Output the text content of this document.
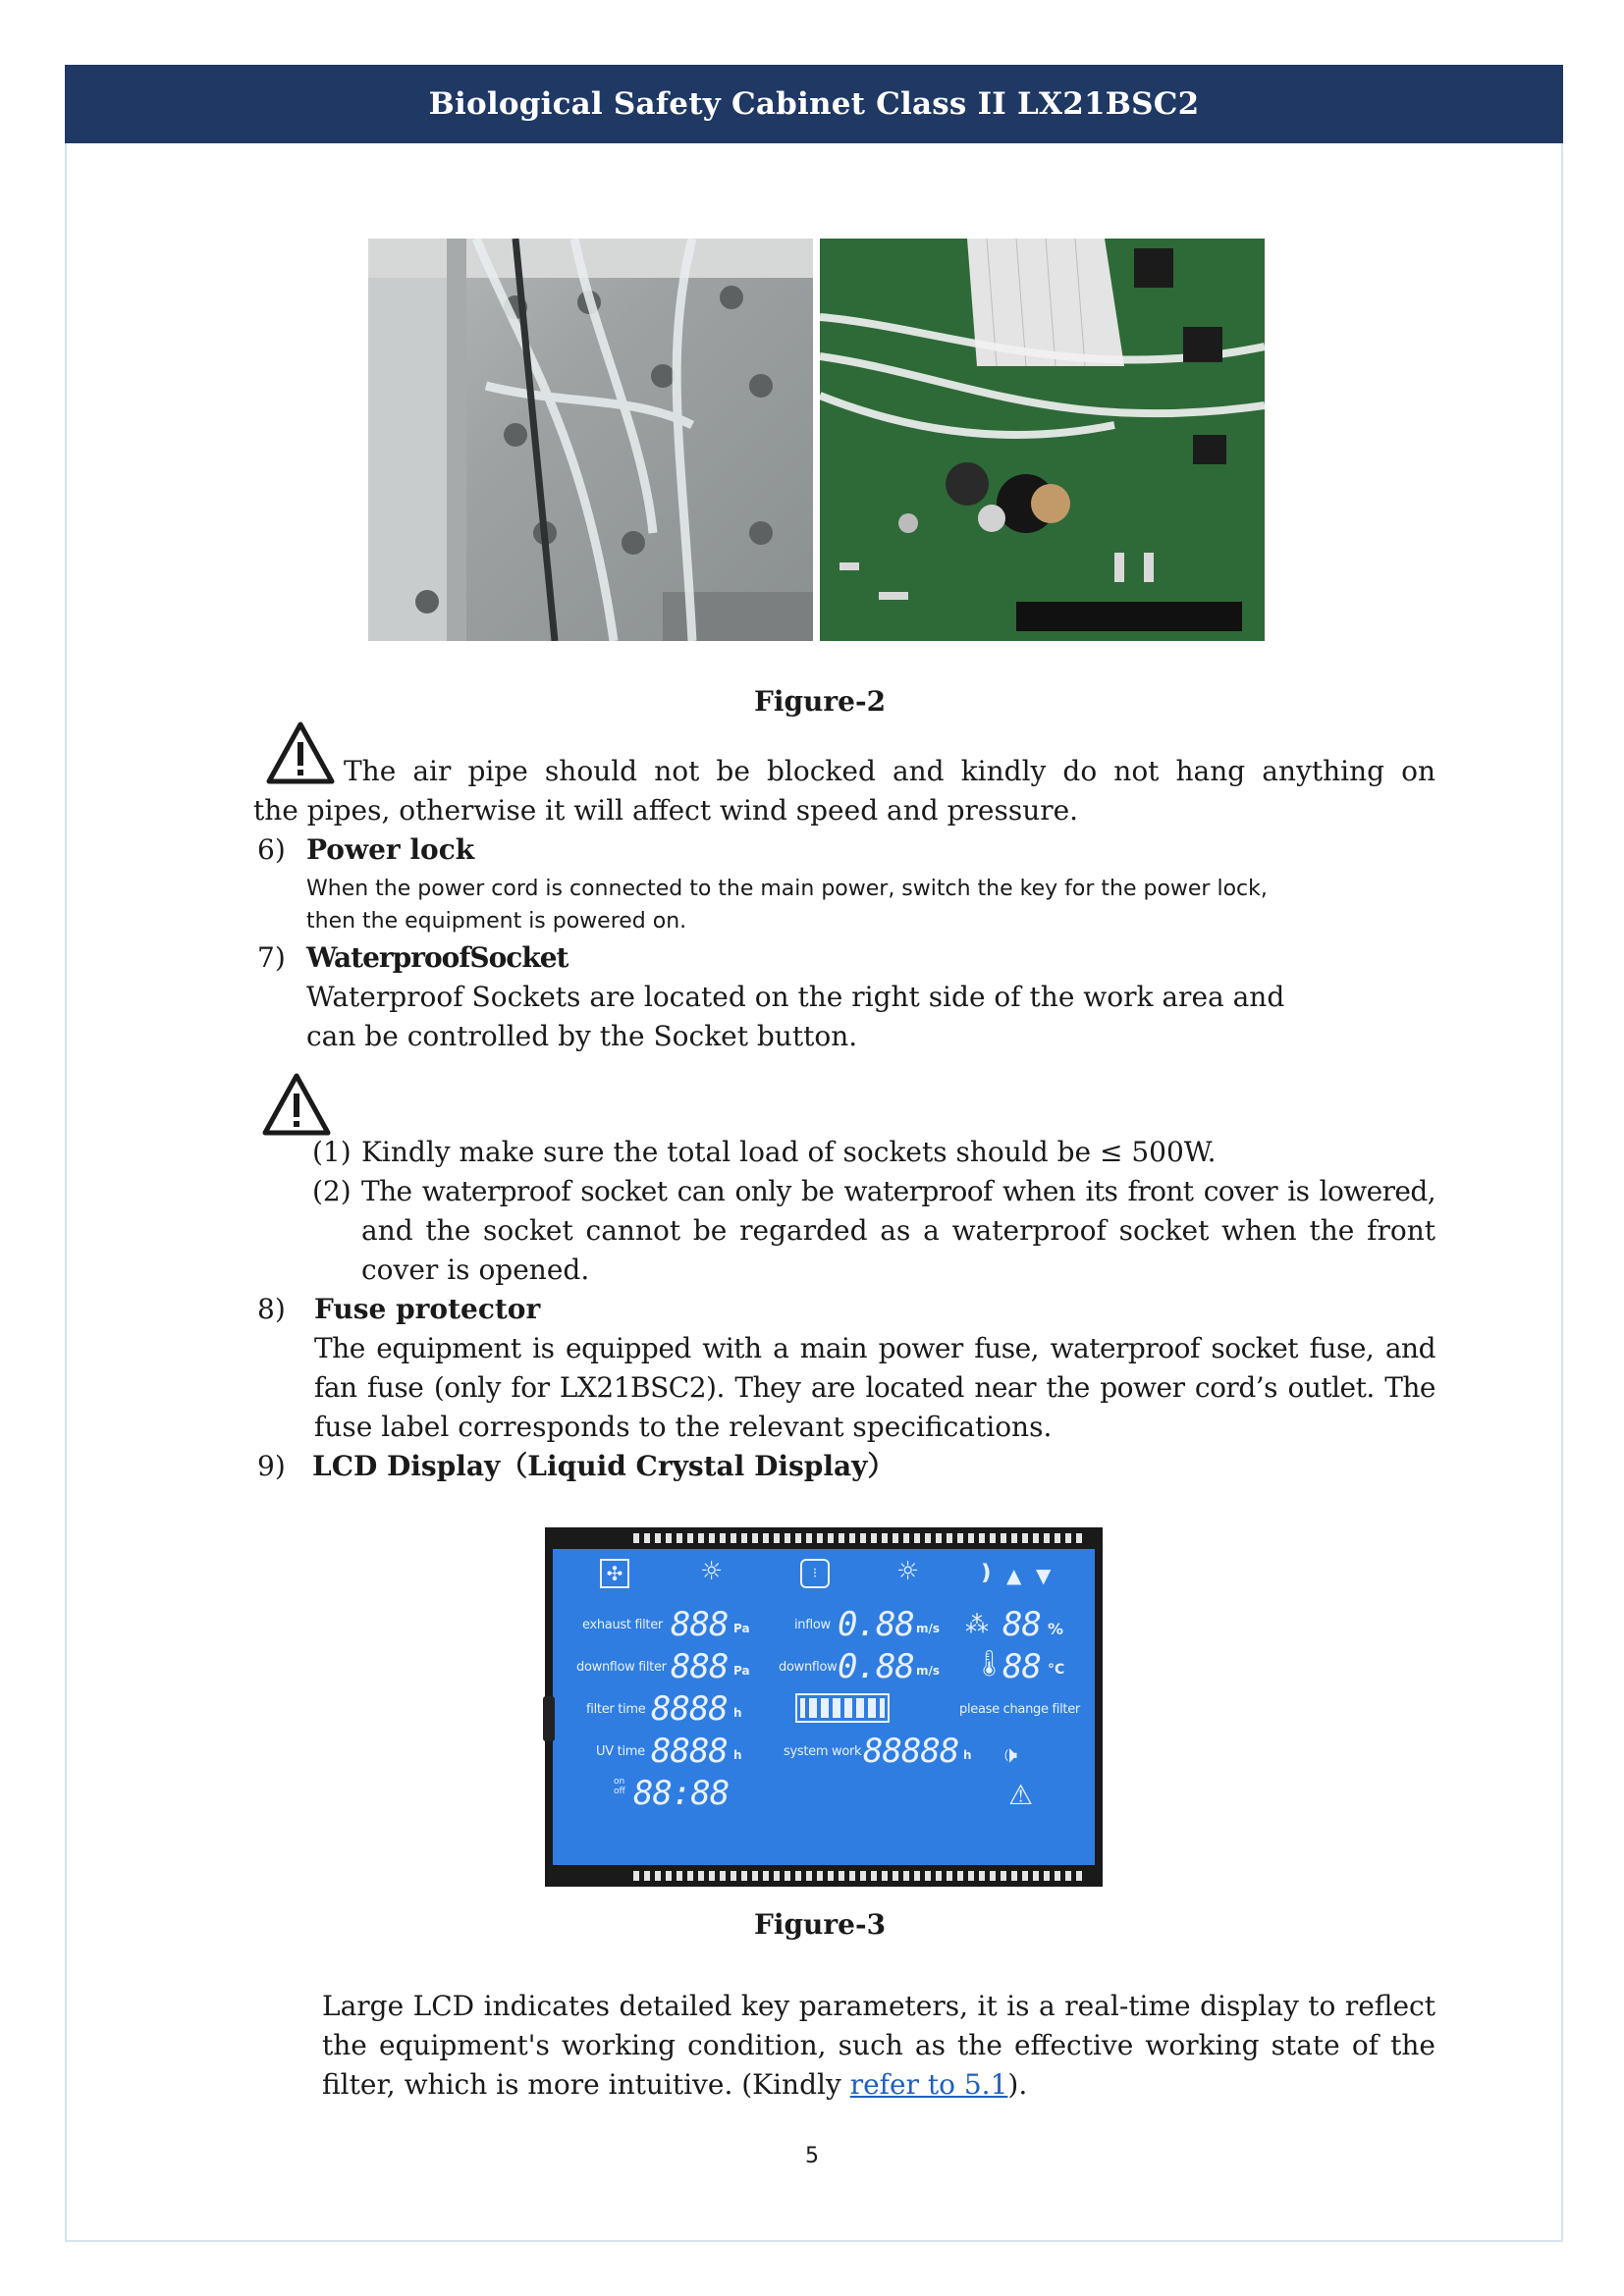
Biological Safety Cabinet Class II LX21BSC2
Figure-2
The air pipe should not be blocked and kindly do not hang anything on
the pipes, otherwise it will affect wind speed and pressure.
6) Power lock
When the power cord is connected to the main power, switch the key for the power lock,
then the equipment is powered on.
7) WaterproofSocket
Waterproof Sockets are located on the right side of the work area and
can be controlled by the Socket button.
(1) Kindly make sure the total load of sockets should be ≤ 500W.
(2) The waterproof socket can only be waterproof when its front cover is lowered,
and the socket cannot be regarded as a waterproof socket when the front
cover is opened.
8) Fuse protector
The equipment is equipped with a main power fuse, waterproof socket fuse, and
fan fuse (only for LX21BSC2). They are located near the power cord’s outlet. The
fuse label corresponds to the relevant specifications.
9) LCD Display（Liquid Crystal Display）
✣	☼	⁝	☼	❫ ▲ ▼
exhaust filter 888 Pa
downflow filter 888 Pa
filter time 8888 h
UV time 8888 h
on
off 88:88
inflow 0.88 m/s
downflow 0.88 m/s
system work 88888 h
⁂ 88 %
🌡
88 °C
please change filter
🕩
⚠
Figure-3
Large LCD indicates detailed key parameters, it is a real-time display to reflect
the equipment's working condition, such as the effective working state of the
filter, which is more intuitive. (Kindly refer to 5.1).
5
